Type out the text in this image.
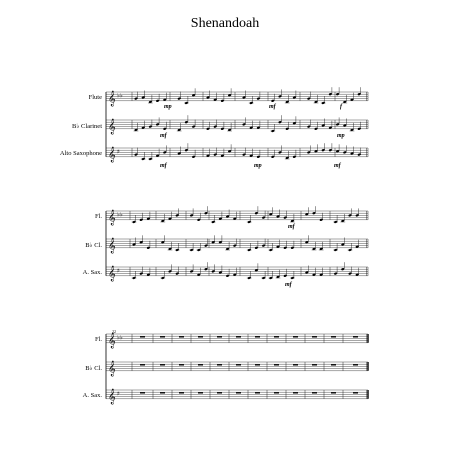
Shenandoah
Flute
B♭ Clarinet
Alto Saxophone
mp	mf	f
mf	mp
mf	mp	mf
Fl.
B♭ Cl.
A. Sax.
mf
mf
22
Fl.
B♭ Cl.
A. Sax.
𝄞 ♭♭
𝄞
𝄞 ♯
𝄞 ♭♭
𝄞
𝄞 ♯
𝄞 ♭♭
𝄞
𝄞 ♯
